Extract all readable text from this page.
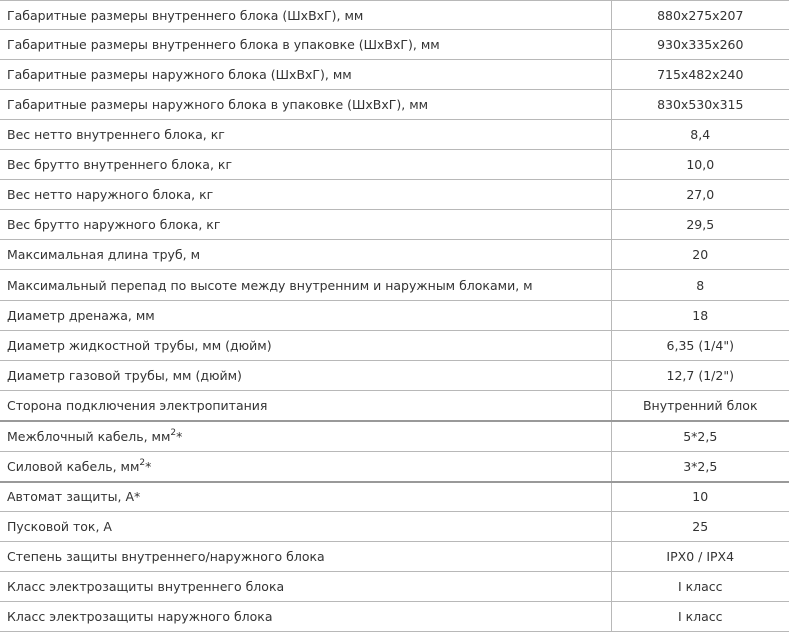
Габаритные размеры внутреннего блока (ШхВхГ), мм	880x275x207
Габаритные размеры внутреннего блока в упаковке (ШхВхГ), мм	930x335x260
Габаритные размеры наружного блока (ШхВхГ), мм	715x482x240
Габаритные размеры наружного блока в упаковке (ШхВхГ), мм	830x530x315
Вес нетто внутреннего блока, кг	8,4
Вес брутто внутреннего блока, кг	10,0
Вес нетто наружного блока, кг	27,0
Вес брутто наружного блока, кг	29,5
Максимальная длина труб, м	20
Максимальный перепад по высоте между внутренним и наружным блоками, м	8
Диаметр дренажа, мм	18
Диаметр жидкостной трубы, мм (дюйм)	6,35 (1/4")
Диаметр газовой трубы, мм (дюйм)	12,7 (1/2")
Сторона подключения электропитания	Внутренний блок
Межблочный кабель, $мм^2*$	5*2,5
Силовой кабель, $мм^2*$	3*2,5
Автомат защиты, А*	10
Пусковой ток, А	25
Степень защиты внутреннего/наружного блока	IPX0 / IPX4
Класс электрозащиты внутреннего блока	I класс
Класс электрозащиты наружного блока	I класс
